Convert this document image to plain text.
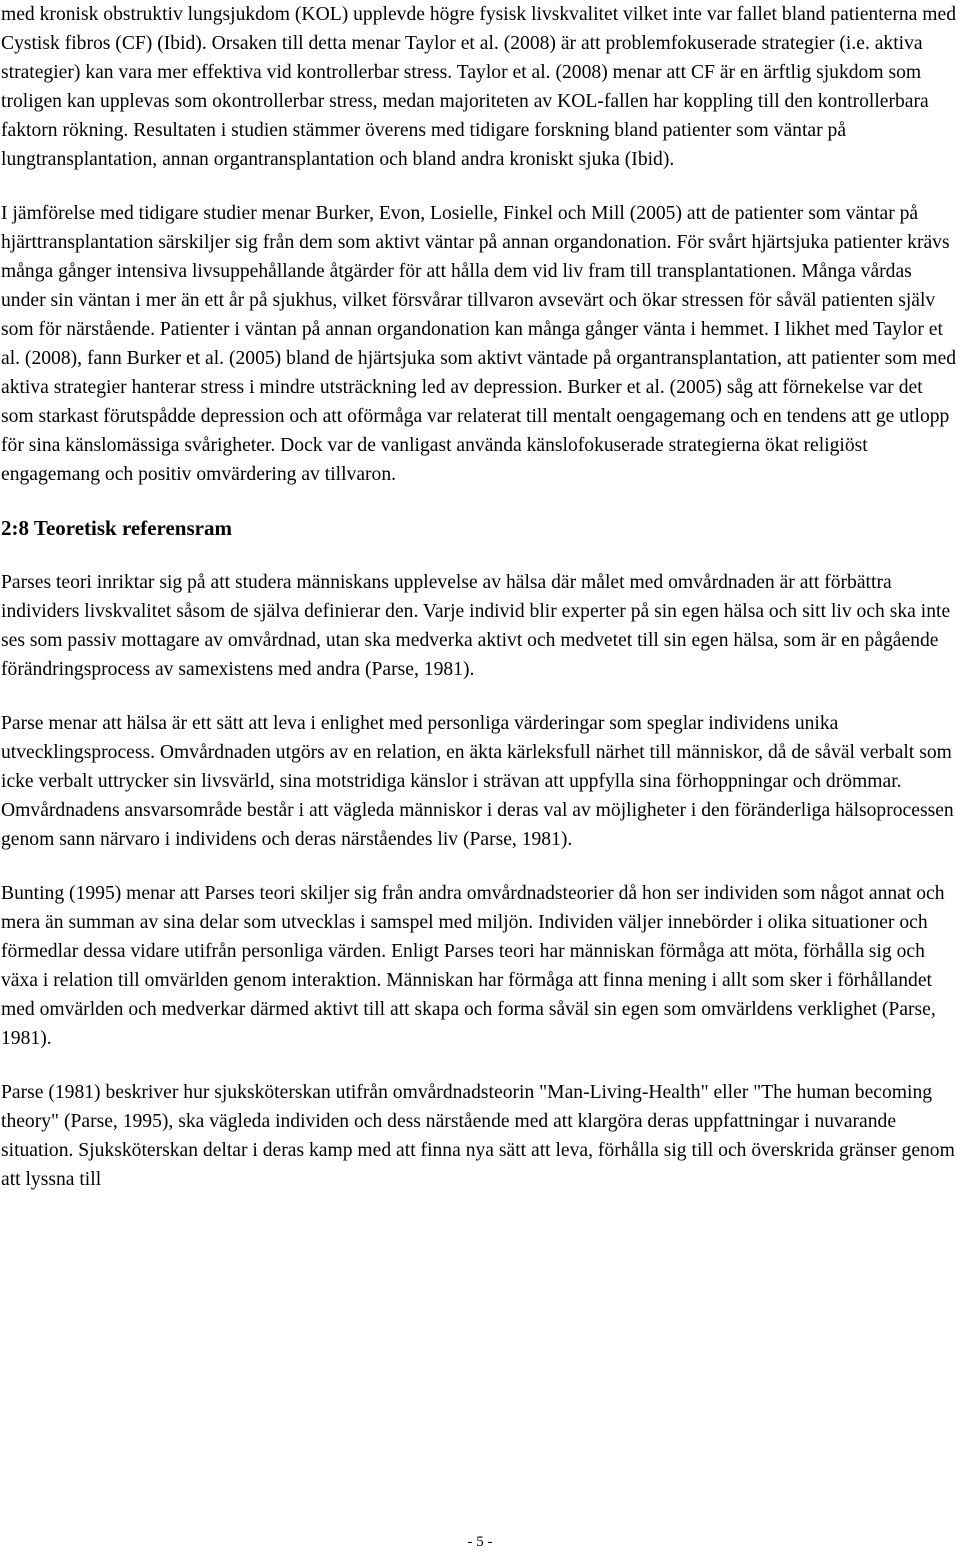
med kronisk obstruktiv lungsjukdom (KOL) upplevde högre fysisk livskvalitet vilket inte var fallet bland patienterna med Cystisk fibros (CF) (Ibid). Orsaken till detta menar Taylor et al. (2008) är att problemfokuserade strategier (i.e. aktiva strategier) kan vara mer effektiva vid kontrollerbar stress. Taylor et al. (2008) menar att CF är en ärftlig sjukdom som troligen kan upplevas som okontrollerbar stress, medan majoriteten av KOL-fallen har koppling till den kontrollerbara faktorn rökning. Resultaten i studien stämmer överens med tidigare forskning bland patienter som väntar på lungtransplantation, annan organtransplantation och bland andra kroniskt sjuka (Ibid).

I jämförelse med tidigare studier menar Burker, Evon, Losielle, Finkel och Mill (2005) att de patienter som väntar på hjärttransplantation särskiljer sig från dem som aktivt väntar på annan organdonation. För svårt hjärtsjuka patienter krävs många gånger intensiva livsuppehållande åtgärder för att hålla dem vid liv fram till transplantationen. Många vårdas under sin väntan i mer än ett år på sjukhus, vilket försvårar tillvaron avsevärt och ökar stressen för såväl patienten själv som för närstående. Patienter i väntan på annan organdonation kan många gånger vänta i hemmet. I likhet med Taylor et al. (2008), fann Burker et al. (2005) bland de hjärtsjuka som aktivt väntade på organtransplantation, att patienter som med aktiva strategier hanterar stress i mindre utsträckning led av depression. Burker et al. (2005) såg att förnekelse var det som starkast förutspådde depression och att oförmåga var relaterat till mentalt oengagemang och en tendens att ge utlopp för sina känslomässiga svårigheter. Dock var de vanligast använda känslofokuserade strategierna ökat religiöst engagemang och positiv omvärdering av tillvaron.

2:8 Teoretisk referensram

Parses teori inriktar sig på att studera människans upplevelse av hälsa där målet med omvårdnaden är att förbättra individers livskvalitet såsom de själva definierar den. Varje individ blir experter på sin egen hälsa och sitt liv och ska inte ses som passiv mottagare av omvårdnad, utan ska medverka aktivt och medvetet till sin egen hälsa, som är en pågående förändringsprocess av samexistens med andra (Parse, 1981).

Parse menar att hälsa är ett sätt att leva i enlighet med personliga värderingar som speglar individens unika utvecklingsprocess. Omvårdnaden utgörs av en relation, en äkta kärleksfull närhet till människor, då de såväl verbalt som icke verbalt uttrycker sin livsvärld, sina motstridiga känslor i strävan att uppfylla sina förhoppningar och drömmar. Omvårdnadens ansvarsområde består i att vägleda människor i deras val av möjligheter i den föränderliga hälsoprocessen genom sann närvaro i individens och deras närståendes liv (Parse, 1981).

Bunting (1995) menar att Parses teori skiljer sig från andra omvårdnadsteorier då hon ser individen som något annat och mera än summan av sina delar som utvecklas i samspel med miljön. Individen väljer innebörder i olika situationer och förmedlar dessa vidare utifrån personliga värden. Enligt Parses teori har människan förmåga att möta, förhålla sig och växa i relation till omvärlden genom interaktion. Människan har förmåga att finna mening i allt som sker i förhållandet med omvärlden och medverkar därmed aktivt till att skapa och forma såväl sin egen som omvärldens verklighet (Parse, 1981).

Parse (1981) beskriver hur sjuksköterskan utifrån omvårdnadsteorin "Man-Living-Health" eller "The human becoming theory" (Parse, 1995), ska vägleda individen och dess närstående med att klargöra deras uppfattningar i nuvarande situation. Sjuksköterskan deltar i deras kamp med att finna nya sätt att leva, förhålla sig till och överskrida gränser genom att lyssna till

- 5 -
